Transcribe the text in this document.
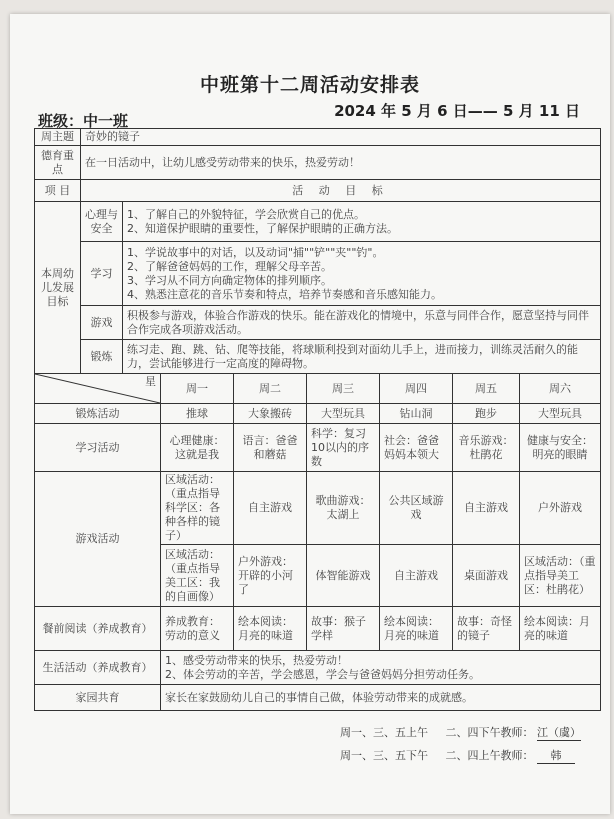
中班第十二周活动安排表
班级：中一班
2024 年 5 月 6 日—— 5 月 11 日
周主题	奇妙的镜子							
德育重点	在一日活动中，让幼儿感受劳动带来的快乐，热爱劳动！							
项 目	活 动 目 标							
本周幼儿发展目标	心理与安全	1、了解自己的外貌特征，学会欣赏自己的优点。
2、知道保护眼睛的重要性，了解保护眼睛的正确方法。						

	学习	1、学说故事中的对话，以及动词"捕""铲""夹""钓"。
2、了解爸爸妈妈的工作，理解父母辛苦。
3、学习从不同方向确定物体的排列顺序。
4、熟悉注意花的音乐节奏和特点，培养节奏感和音乐感知能力。						

	游戏	积极参与游戏，体验合作游戏的快乐。能在游戏化的情境中，乐意与同伴合作，愿意坚持与同伴合作完成各项游戏活动。						
	锻炼	练习走、跑、跳、钻、爬等技能，将球顺利投到对面幼儿手上，进而接力，训练灵活耐久的能力，尝试能够进行一定高度的障碍物。						

星			周一	周二	周三	周四	周五	周六
锻炼活动			推球	大象搬砖	大型玩具	钻山洞	跑步	大型玩具
学习活动			心理健康：这就是我	语言：爸爸和蘑菇	科学：复习10以内的序数	社会：爸爸妈妈本领大	音乐游戏：杜鹃花	健康与安全：明亮的眼睛
游戏活动			区域活动：（重点指导科学区：各种各样的镜子）	自主游戏	歌曲游戏：太湖上	公共区域游戏	自主游戏	户外游戏
			区域活动：（重点指导美工区：我的自画像）	户外游戏：开辟的小河了	体智能游戏	自主游戏	桌面游戏	区域活动：（重点指导美工区：杜鹃花）
餐前阅读（养成教育）			养成教育：劳动的意义	绘本阅读：月亮的味道	故事：猴子学样	绘本阅读：月亮的味道	故事：奇怪的镜子	绘本阅读：月亮的味道
生活活动（养成教育）			1、感受劳动带来的快乐，热爱劳动！
2、体会劳动的辛苦，学会感恩，学会与爸爸妈妈分担劳动任务。					

家园共育			家长在家鼓励幼儿自己的事情自己做，体验劳动带来的成就感。					
周一、三、五上午 二、四下午教师： 江（虞）
周一、三、五下午 二、四上午教师： 韩
